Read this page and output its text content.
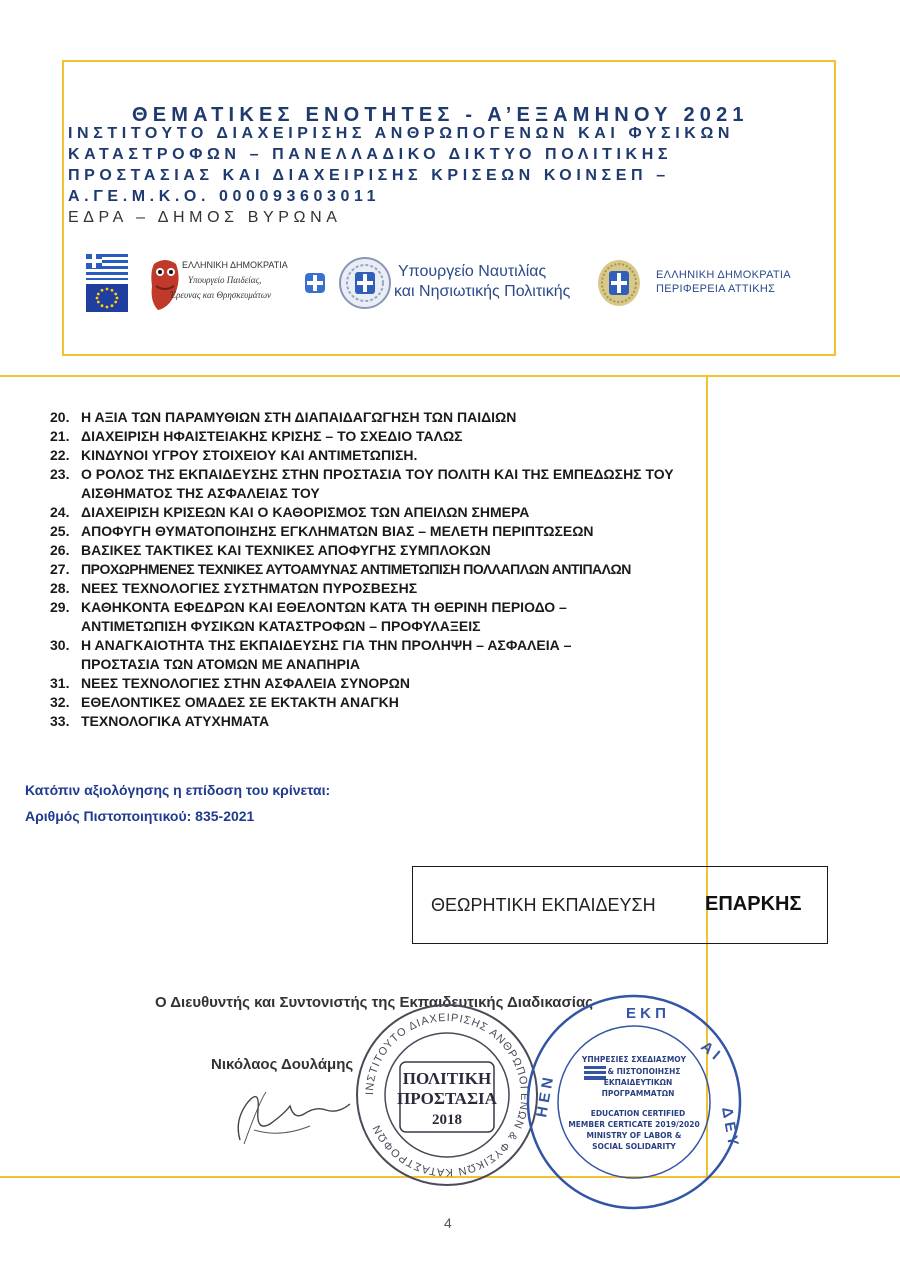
ΘΕΜΑΤΙΚΕΣ ΕΝΟΤΗΤΕΣ - Α’ΕΞΑΜΗΝΟΥ 2021
ΙΝΣΤΙΤΟΥΤΟ ΔΙΑΧΕΙΡΙΣΗΣ ΑΝΘΡΩΠΟΓΕΝΩΝ ΚΑΙ ΦΥΣΙΚΩΝ
ΚΑΤΑΣΤΡΟΦΩΝ – ΠΑΝΕΛΛΑΔΙΚΟ ΔΙΚΤΥΟ ΠΟΛΙΤΙΚΗΣ
ΠΡΟΣΤΑΣΙΑΣ ΚΑΙ ΔΙΑΧΕΙΡΙΣΗΣ ΚΡΙΣΕΩΝ ΚΟΙΝΣΕΠ –
Α.ΓΕ.Μ.Κ.Ο. 000093603011
ΕΔΡΑ – ΔΗΜΟΣ ΒΥΡΩΝΑ
ΕΛΛΗΝΙΚΗ ΔΗΜΟΚΡΑΤΙΑ
Υπουργείο Παιδείας,
Έρευνας και Θρησκευμάτων
Υπουργείο Ναυτιλίας
και Νησιωτικής Πολιτικής
ΕΛΛΗΝΙΚΗ ΔΗΜΟΚΡΑΤΙΑ
ΠΕΡΙΦΕΡΕΙΑ ΑΤΤΙΚΗΣ
20. Η ΑΞΙΑ ΤΩΝ ΠΑΡΑΜΥΘΙΩΝ ΣΤΗ ΔΙΑΠΑΙΔΑΓΩΓΗΣΗ ΤΩΝ ΠΑΙΔΙΩΝ
21. ΔΙΑΧΕΙΡΙΣΗ ΗΦΑΙΣΤΕΙΑΚΗΣ ΚΡΙΣΗΣ – ΤΟ ΣΧΕΔΙΟ ΤΑΛΩΣ
22. ΚΙΝΔΥΝΟΙ ΥΓΡΟΥ ΣΤΟΙΧΕΙΟΥ ΚΑΙ ΑΝΤΙΜΕΤΩΠΙΣΗ.
23. Ο ΡΟΛΟΣ ΤΗΣ ΕΚΠΑΙΔΕΥΣΗΣ ΣΤΗΝ ΠΡΟΣΤΑΣΙΑ ΤΟΥ ΠΟΛΙΤΗ ΚΑΙ ΤΗΣ ΕΜΠΕΔΩΣΗΣ ΤΟΥ ΑΙΣΘΗΜΑΤΟΣ ΤΗΣ ΑΣΦΑΛΕΙΑΣ ΤΟΥ
24. ΔΙΑΧΕΙΡΙΣΗ ΚΡΙΣΕΩΝ ΚΑΙ Ο ΚΑΘΟΡΙΣΜΟΣ ΤΩΝ ΑΠΕΙΛΩΝ ΣΗΜΕΡΑ
25. ΑΠΟΦΥΓΗ ΘΥΜΑΤΟΠΟΙΗΣΗΣ ΕΓΚΛΗΜΑΤΩΝ ΒΙΑΣ – ΜΕΛΕΤΗ ΠΕΡΙΠΤΩΣΕΩΝ
26. ΒΑΣΙΚΕΣ ΤΑΚΤΙΚΕΣ ΚΑΙ ΤΕΧΝΙΚΕΣ ΑΠΟΦΥΓΗΣ ΣΥΜΠΛΟΚΩΝ
27. ΠΡΟΧΩΡΗΜΕΝΕΣ ΤΕΧΝΙΚΕΣ ΑΥΤΟΑΜΥΝΑΣ ΑΝΤΙΜΕΤΩΠΙΣΗ ΠΟΛΛΑΠΛΩΝ ΑΝΤΙΠΑΛΩΝ
28. ΝΕΕΣ ΤΕΧΝΟΛΟΓΙΕΣ ΣΥΣΤΗΜΑΤΩΝ ΠΥΡΟΣΒΕΣΗΣ
29. ΚΑΘΗΚΟΝΤΑ ΕΦΕΔΡΩΝ ΚΑΙ ΕΘΕΛΟΝΤΩΝ ΚΑΤΆ ΤΗ ΘΕΡΙΝΗ ΠΕΡΙΟΔΟ – ΑΝΤΙΜΕΤΩΠΙΣΗ ΦΥΣΙΚΩΝ ΚΑΤΑΣΤΡΟΦΩΝ – ΠΡΟΦΥΛΑΞΕΙΣ
30. Η ΑΝΑΓΚΑΙΟΤΗΤΑ ΤΗΣ ΕΚΠΑΙΔΕΥΣΗΣ ΓΙΑ ΤΗΝ ΠΡΟΛΗΨΗ – ΑΣΦΑΛΕΙΑ – ΠΡΟΣΤΑΣΙΑ ΤΩΝ ΑΤΟΜΩΝ ΜΕ ΑΝΑΠΗΡΙΑ
31. ΝΕΕΣ ΤΕΧΝΟΛΟΓΙΕΣ ΣΤΗΝ ΑΣΦΑΛΕΙΑ ΣΥΝΟΡΩΝ
32. ΕΘΕΛΟΝΤΙΚΕΣ ΟΜΑΔΕΣ ΣΕ ΕΚΤΑΚΤΗ ΑΝΑΓΚΗ
33. ΤΕΧΝΟΛΟΓΙΚΑ ΑΤΥΧΗΜΑΤΑ
Κατόπιν αξιολόγησης η επίδοση του κρίνεται:
Αριθμός Πιστοποιητικού: 835-2021
ΘΕΩΡΗΤΙΚΗ ΕΚΠΑΙΔΕΥΣΗ ΕΠΑΡΚΗΣ
Ο Διευθυντής και Συντονιστής της Εκπαιδευτικής Διαδικασίας
Νικόλαος Δουλάμης
ΙΝΣΤΙΤΟΥΤΟ ΔΙΑΧΕΙΡΙΣΗΣ ΑΝΘΡΩΠΟΓΕΝΩΝ & ΦΥΣΙΚΩΝ ΚΑΤΑΣΤΡΟΦΩΝ
ΠΟΛΙΤΙΚΗ
ΠΡΟΣΤΑΣΙΑ
2018
Ε Κ Π
Α Ι
Δ Ε Υ
Η Ε Ν
ΥΠΗΡΕΣΙΕΣ ΣΧΕΔΙΑΣΜΟΥ
& ΠΙΣΤΟΠΟΙΗΣΗΣ
ΕΚΠΑΙΔΕΥΤΙΚΩΝ
ΠΡΟΓΡΑΜΜΑΤΩΝ
EDUCATION CERTIFIED
MEMBER CERTICATE 2019/2020
MINISTRY OF LABOR &
SOCIAL SOLIDARITY
4
